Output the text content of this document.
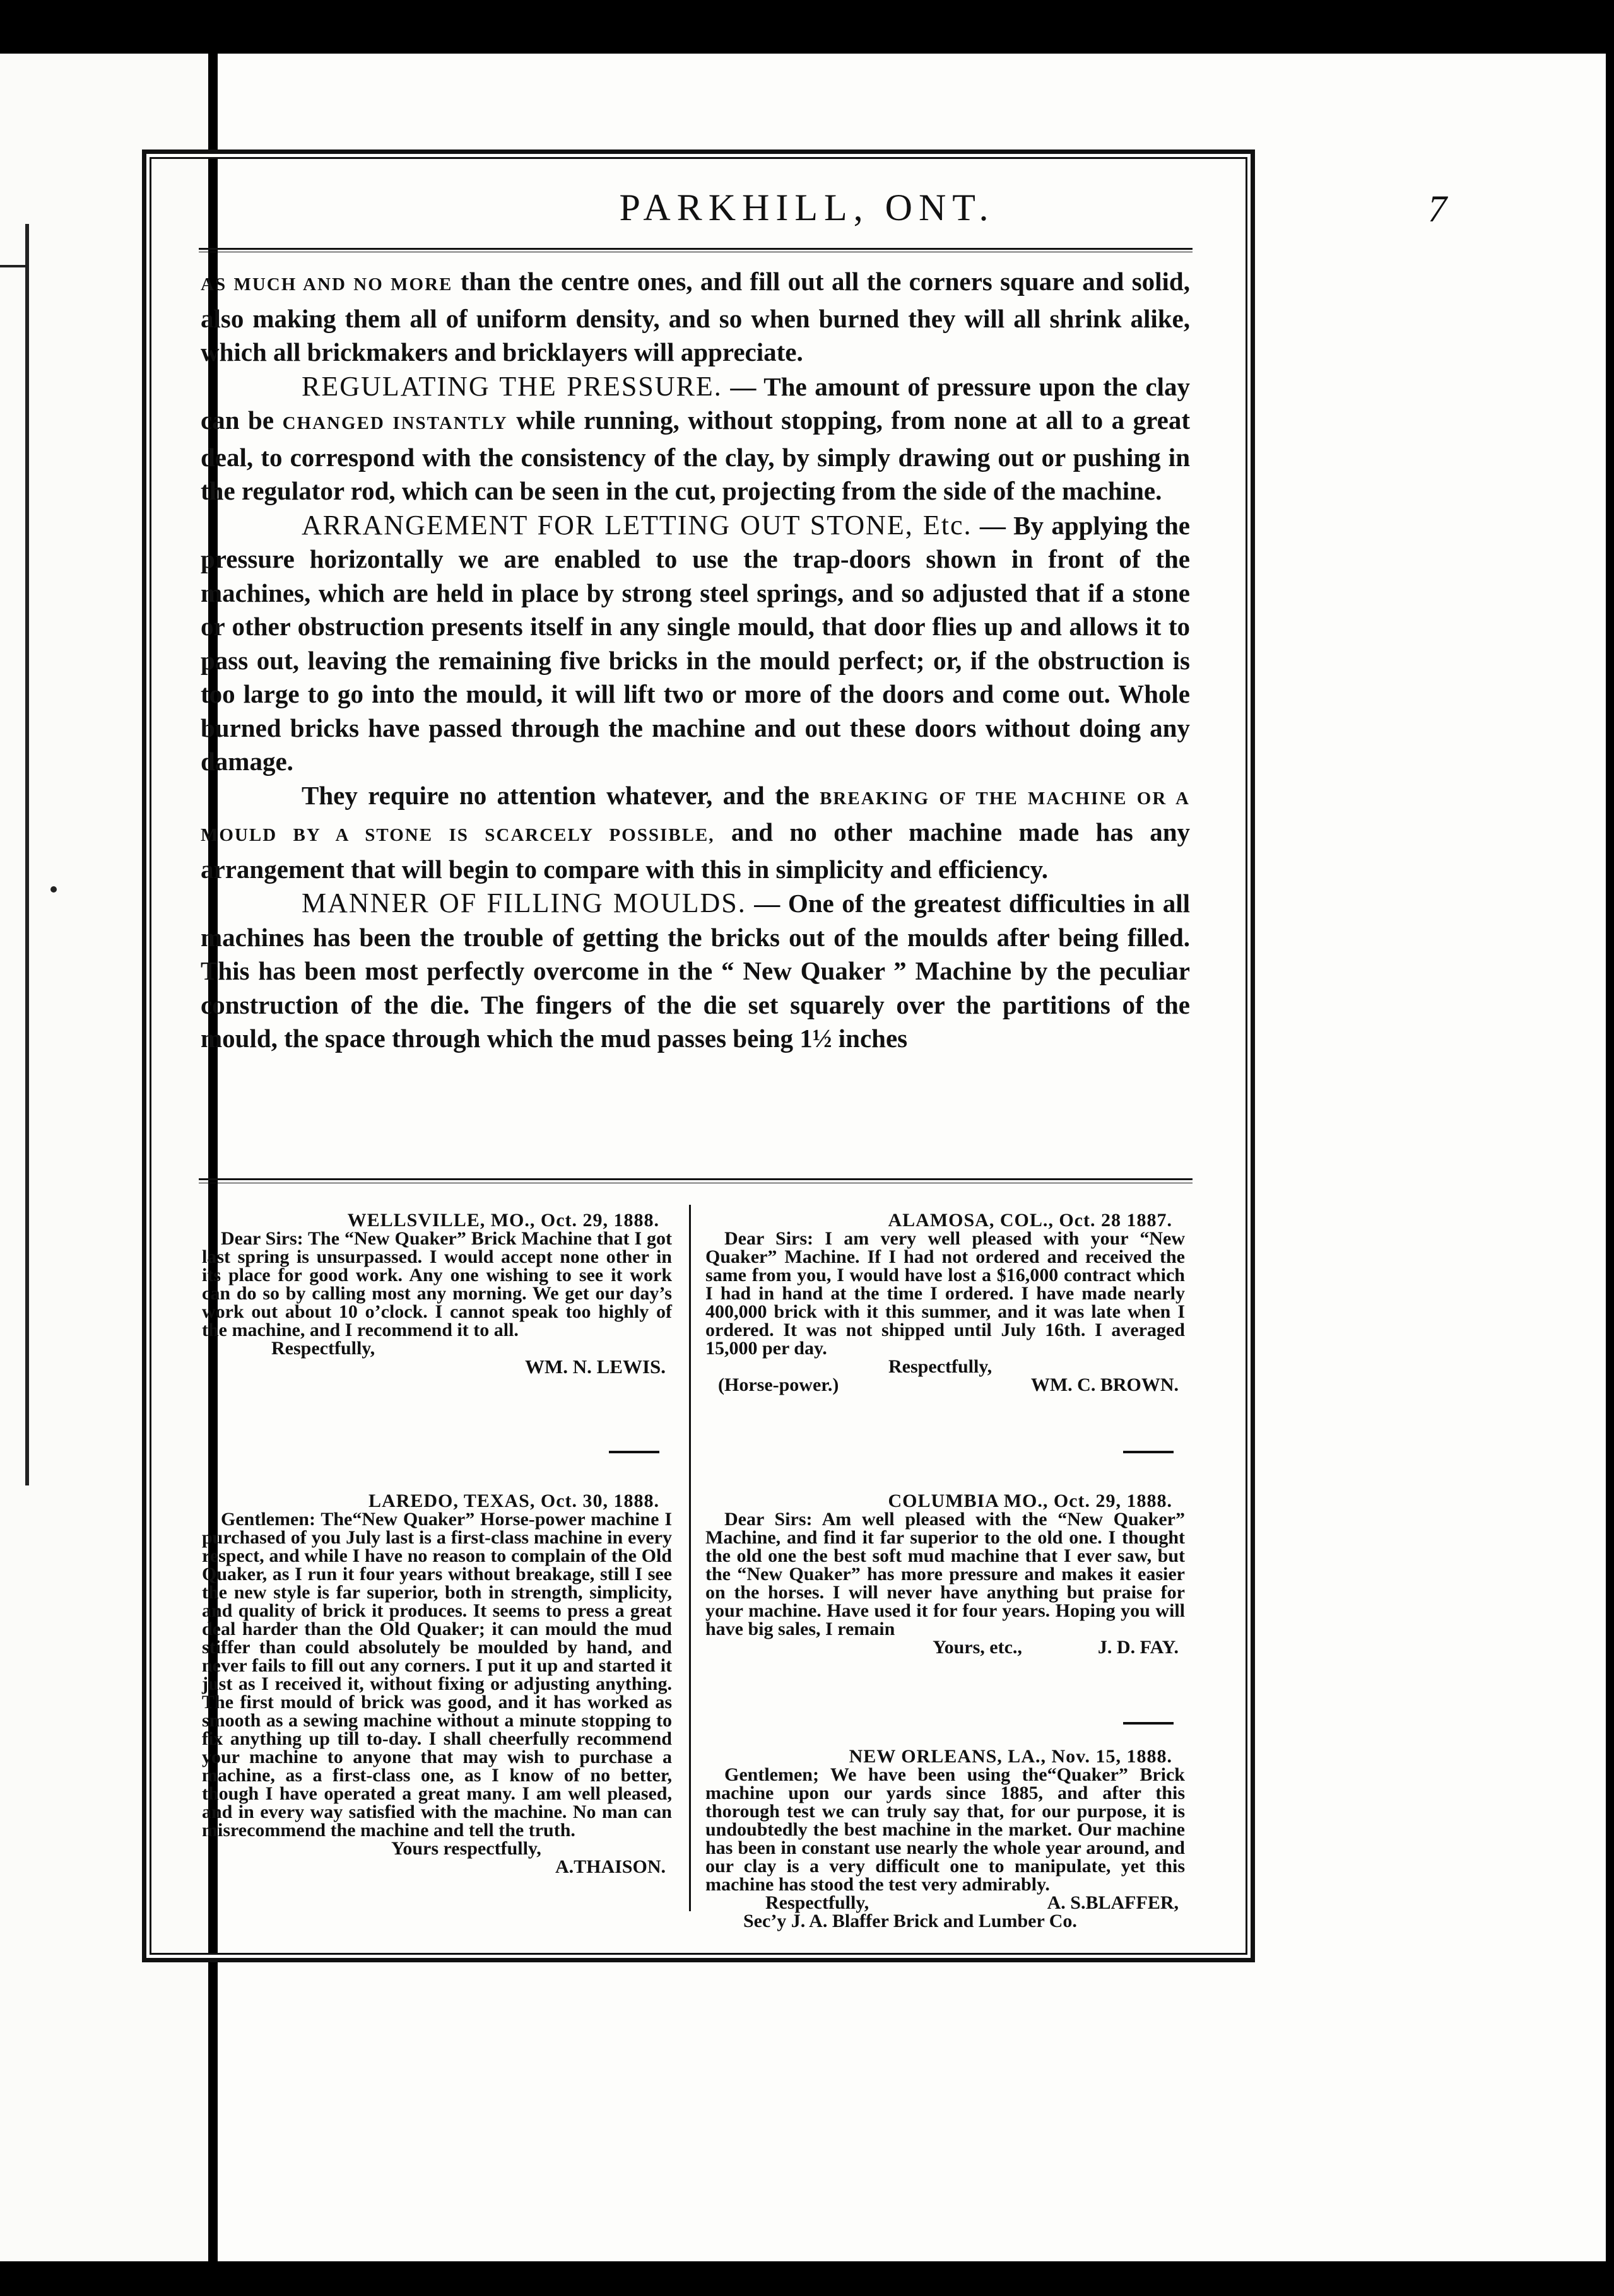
PARKHILL, ONT.	7

AS MUCH AND NO MORE than the centre ones, and fill out all the corners square and solid, also making them all of uniform density, and so when burned they will all shrink alike, which all brickmakers and bricklayers will appreciate.

REGULATING THE PRESSURE. — The amount of pressure upon the clay can be CHANGED INSTANTLY while running, without stopping, from none at all to a great deal, to correspond with the consistency of the clay, by simply drawing out or pushing in the regulator rod, which can be seen in the cut, projecting from the side of the machine.

ARRANGEMENT FOR LETTING OUT STONE, Etc. — By applying the pressure horizontally we are enabled to use the trap-doors shown in front of the machines, which are held in place by strong steel springs, and so adjusted that if a stone or other obstruction presents itself in any single mould, that door flies up and allows it to pass out, leaving the remaining five bricks in the mould perfect; or, if the obstruction is too large to go into the mould, it will lift two or more of the doors and come out. Whole burned bricks have passed through the machine and out these doors without doing any damage.

They require no attention whatever, and the BREAKING OF THE MACHINE OR A MOULD BY A STONE IS SCARCELY POSSIBLE, and no other machine made has any arrangement that will begin to compare with this in simplicity and efficiency.

MANNER OF FILLING MOULDS. — One of the greatest difficulties in all machines has been the trouble of getting the bricks out of the moulds after being filled. This has been most perfectly overcome in the “ New Quaker ” Machine by the peculiar construction of the die. The fingers of the die set squarely over the partitions of the mould, the space through which the mud passes being 1½ inches

WELLSVILLE, MO., Oct. 29, 1888.

Dear Sirs: The “New Quaker” Brick Machine that I got last spring is unsurpassed. I would accept none other in its place for good work. Any one wishing to see it work can do so by calling most any morning. We get our day’s work out about 10 o’clock. I cannot speak too highly of the machine, and I recommend it to all.

Respectfully,

WM. N. LEWIS.
LAREDO, TEXAS, Oct. 30, 1888.

Gentlemen: The“New Quaker” Horse-power machine I purchased of you July last is a first-class machine in every respect, and while I have no reason to complain of the Old Quaker, as I run it four years without breakage, still I see the new style is far superior, both in strength, simplicity, and quality of brick it produces. It seems to press a great deal harder than the Old Quaker; it can mould the mud stiffer than could absolutely be moulded by hand, and never fails to fill out any corners. I put it up and started it just as I received it, without fixing or adjusting anything. The first mould of brick was good, and it has worked as smooth as a sewing machine without a minute stopping to fix anything up till to-day. I shall cheerfully recommend your machine to anyone that may wish to purchase a machine, as a first-class one, as I know of no better, though I have operated a great many. I am well pleased, and in every way satisfied with the machine. No man can misrecommend the machine and tell the truth.

Yours respectfully,

A.THAISON.
ALAMOSA, COL., Oct. 28 1887.

Dear Sirs: I am very well pleased with your “New Quaker” Machine. If I had not ordered and received the same from you, I would have lost a $16,000 contract which I had in hand at the time I ordered. I have made nearly 400,000 brick with it this summer, and it was late when I ordered. It was not shipped until July 16th. I averaged 15,000 per day.

Respectfully,

(Horse-power.)	WM. C. BROWN.
COLUMBIA MO., Oct. 29, 1888.

Dear Sirs: Am well pleased with the “New Quaker” Machine, and find it far superior to the old one. I thought the old one the best soft mud machine that I ever saw, but the “New Quaker” has more pressure and makes it easier on the horses. I will never have anything but praise for your machine. Have used it for four years. Hoping you will have big sales, I remain

Yours, etc.,	J. D. FAY.
NEW ORLEANS, LA., Nov. 15, 1888.

Gentlemen; We have been using the“Quaker” Brick machine upon our yards since 1885, and after this thorough test we can truly say that, for our purpose, it is undoubtedly the best machine in the market. Our machine has been in constant use nearly the whole year around, and our clay is a very difficult one to manipulate, yet this machine has stood the test very admirably.

Respectfully,	A. S.BLAFFER,
Sec’y J. A. Blaffer Brick and Lumber Co.
